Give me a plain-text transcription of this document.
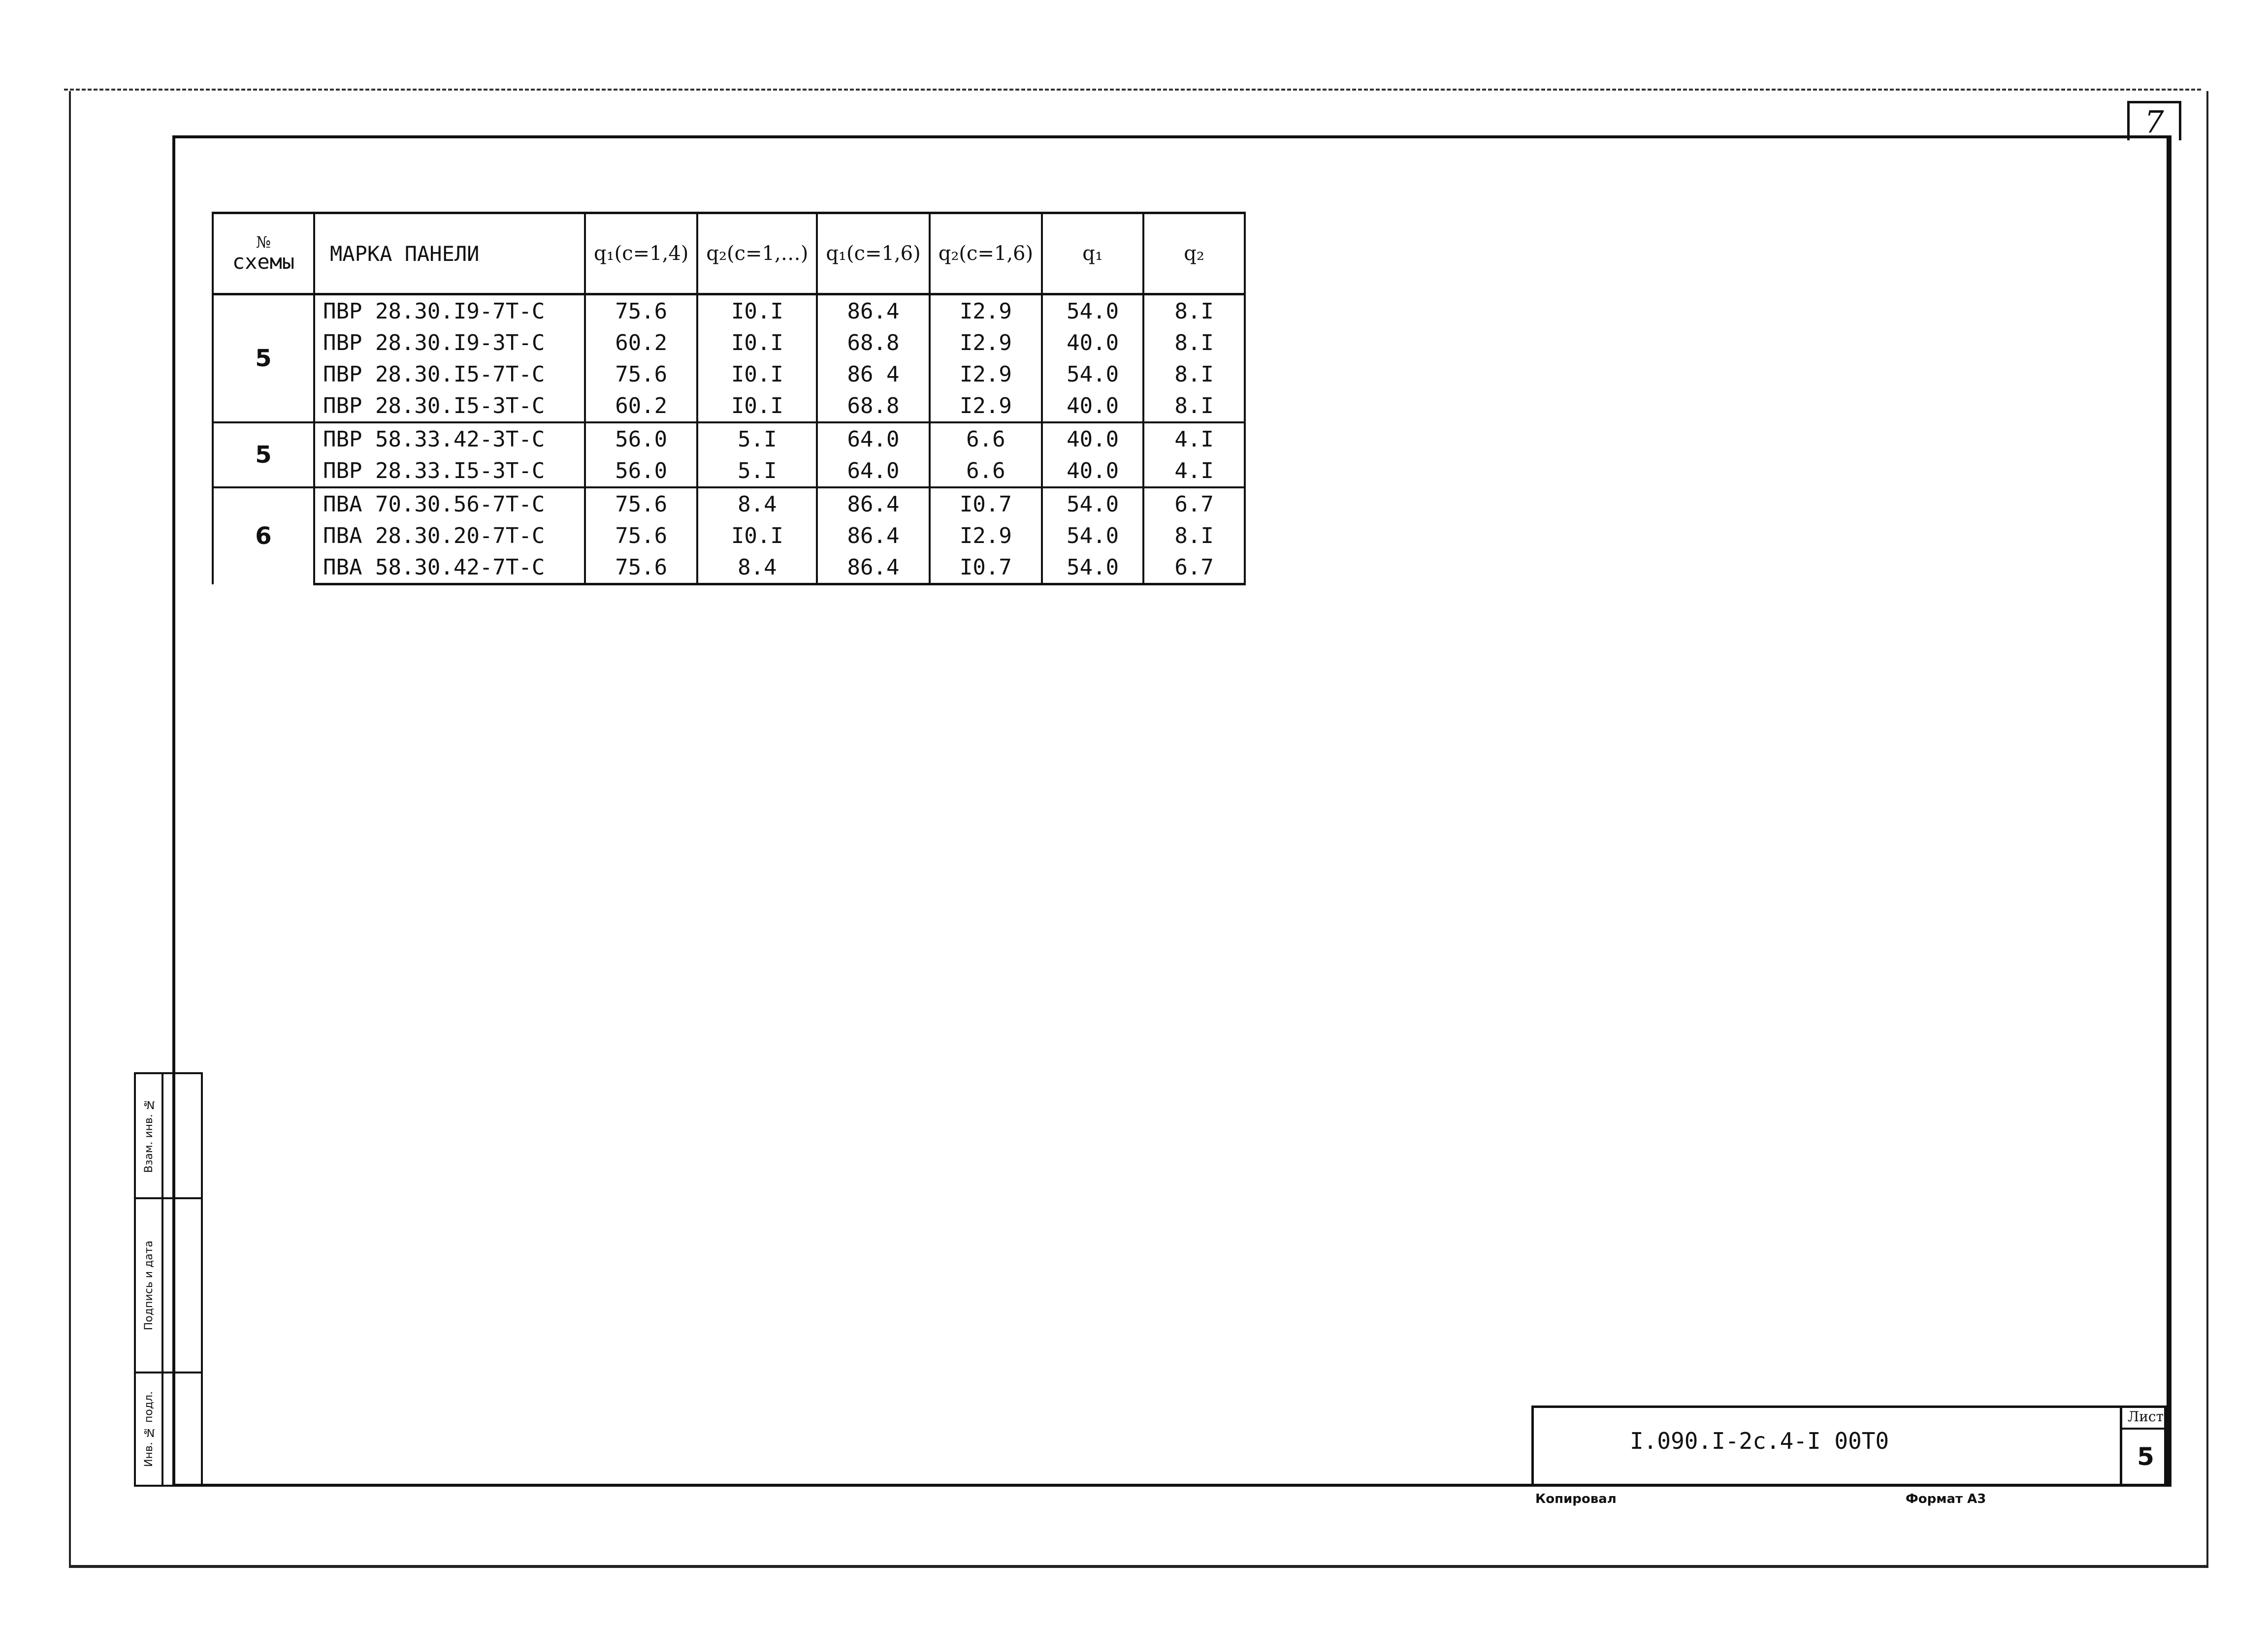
7
Взам. инв. №
Подпись и дата
Инв. № подл.
№
схемы	МАРКА ПАНЕЛИ	q₁(c=1,4)	q₂(c=1,…)	q₁(c=1,6)	q₂(c=1,6)	q₁	q₂
5	ПВР 28.30.I9-7Т-С	75.6	I0.I	86.4	I2.9	54.0	8.I
	ПВР 28.30.I9-3Т-С	60.2	I0.I	68.8	I2.9	40.0	8.I
	ПВР 28.30.I5-7Т-С	75.6	I0.I	86 4	I2.9	54.0	8.I
	ПВР 28.30.I5-3Т-С	60.2	I0.I	68.8	I2.9	40.0	8.I
5	ПВР 58.33.42-3Т-С	56.0	5.I	64.0	6.6	40.0	4.I
	ПВР 28.33.I5-3Т-С	56.0	5.I	64.0	6.6	40.0	4.I
6	ПВА 70.30.56-7Т-С	75.6	8.4	86.4	I0.7	54.0	6.7
	ПВА 28.30.20-7Т-С	75.6	I0.I	86.4	I2.9	54.0	8.I
	ПВА 58.30.42-7Т-С	75.6	8.4	86.4	I0.7	54.0	6.7
I.090.I-2c.4-I 00Т0
Лист
5
Копировал	Формат А3
